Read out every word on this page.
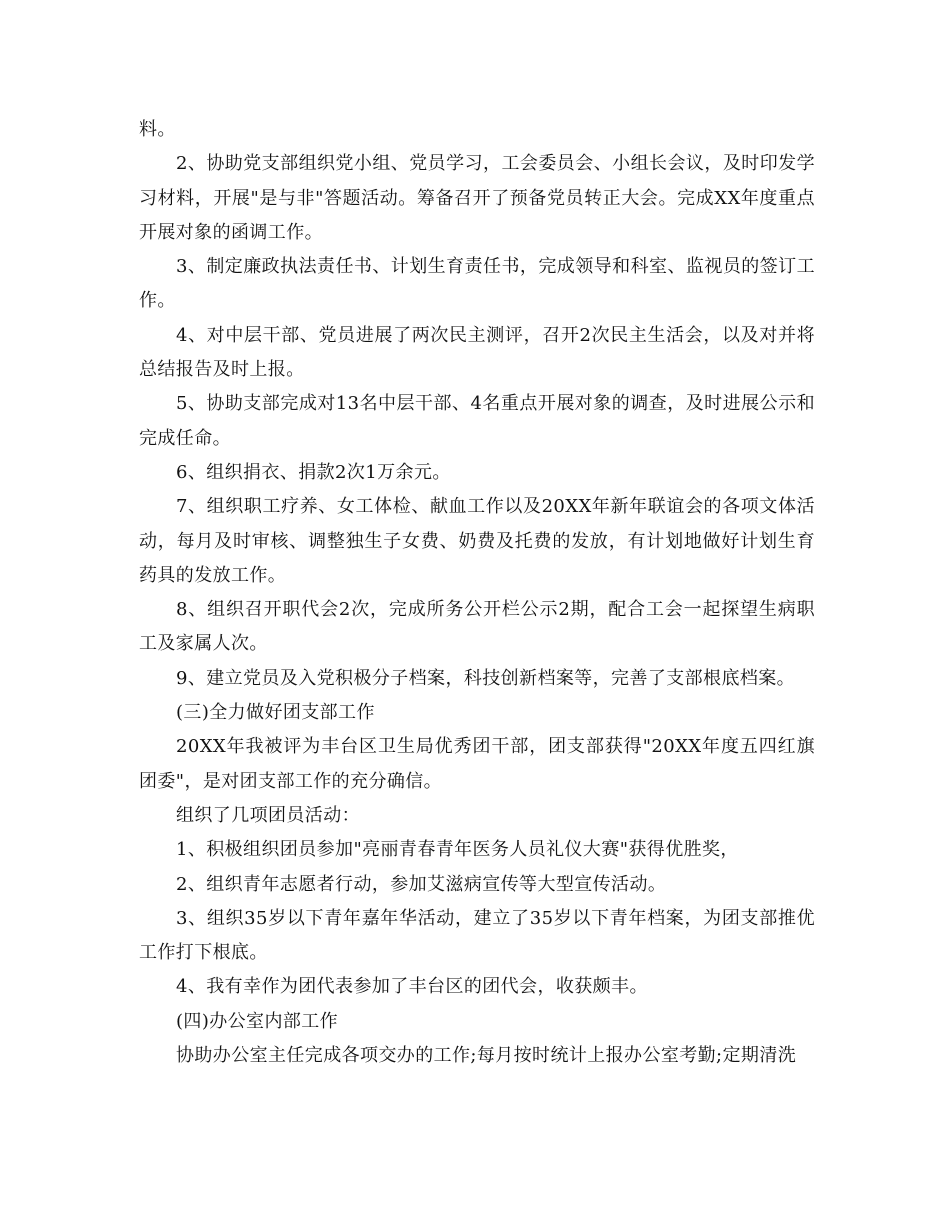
料。

2、协助党支部组织党小组、党员学习，工会委员会、小组长会议，及时印发学习材料，开展"是与非"答题活动。筹备召开了预备党员转正大会。完成XX年度重点开展对象的函调工作。

3、制定廉政执法责任书、计划生育责任书，完成领导和科室、监视员的签订工作。

4、对中层干部、党员进展了两次民主测评，召开2次民主生活会，以及对并将总结报告及时上报。

5、协助支部完成对13名中层干部、4名重点开展对象的调查，及时进展公示和完成任命。

6、组织捐衣、捐款2次1万余元。

7、组织职工疗养、女工体检、献血工作以及20XX年新年联谊会的各项文体活动，每月及时审核、调整独生子女费、奶费及托费的发放，有计划地做好计划生育药具的发放工作。

8、组织召开职代会2次，完成所务公开栏公示2期，配合工会一起探望生病职工及家属人次。

9、建立党员及入党积极分子档案，科技创新档案等，完善了支部根底档案。

(三)全力做好团支部工作

20XX年我被评为丰台区卫生局优秀团干部，团支部获得"20XX年度五四红旗团委"，是对团支部工作的充分确信。

组织了几项团员活动：

1、积极组织团员参加"亮丽青春青年医务人员礼仪大赛"获得优胜奖，

2、组织青年志愿者行动，参加艾滋病宣传等大型宣传活动。

3、组织35岁以下青年嘉年华活动，建立了35岁以下青年档案，为团支部推优工作打下根底。

4、我有幸作为团代表参加了丰台区的团代会，收获颇丰。

(四)办公室内部工作

协助办公室主任完成各项交办的工作;每月按时统计上报办公室考勤;定期清洗
